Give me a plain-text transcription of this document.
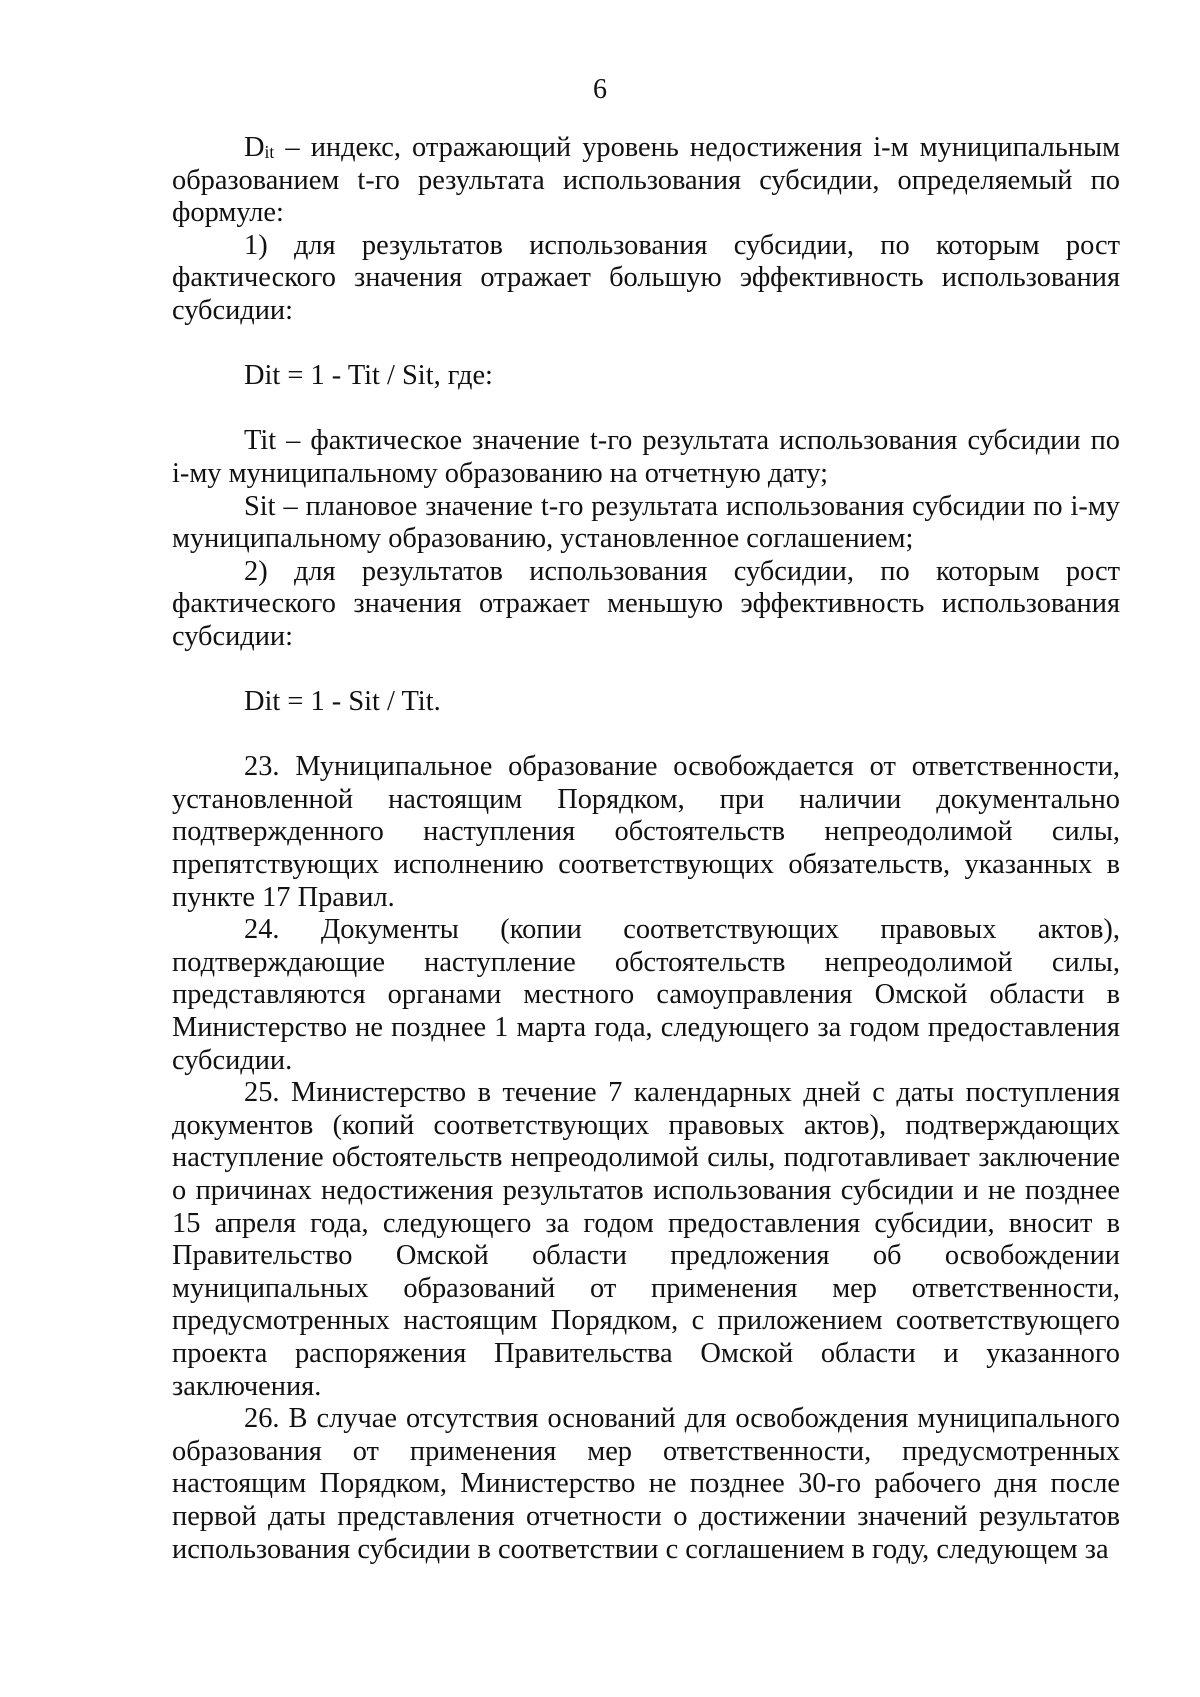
6

$D_{it}$ – индекс, отражающий уровень недостижения i-м муниципальным образованием t-го результата использования субсидии, определяемый по формуле:

1) для результатов использования субсидии, по которым рост фактического значения отражает большую эффективность использования субсидии:

Dit = 1 - Tit / Sit, где:

Tit – фактическое значение t-го результата использования субсидии по i-му муниципальному образованию на отчетную дату;

Sit – плановое значение t-го результата использования субсидии по i-му муниципальному образованию, установленное соглашением;

2) для результатов использования субсидии, по которым рост фактического значения отражает меньшую эффективность использования субсидии:

Dit = 1 - Sit / Tit.

23. Муниципальное образование освобождается от ответственности, установленной настоящим Порядком, при наличии документально подтвержденного наступления обстоятельств непреодолимой силы, препятствующих исполнению соответствующих обязательств, указанных в пункте 17 Правил.

24. Документы (копии соответствующих правовых актов), подтверждающие наступление обстоятельств непреодолимой силы, представляются органами местного самоуправления Омской области в Министерство не позднее 1 марта года, следующего за годом предоставления субсидии.

25. Министерство в течение 7 календарных дней с даты поступления документов (копий соответствующих правовых актов), подтверждающих наступление обстоятельств непреодолимой силы, подготавливает заключение о причинах недостижения результатов использования субсидии и не позднее 15 апреля года, следующего за годом предоставления субсидии, вносит в Правительство Омской области предложения об освобождении муниципальных образований от применения мер ответственности, предусмотренных настоящим Порядком, с приложением соответствующего проекта распоряжения Правительства Омской области и указанного заключения.

26. В случае отсутствия оснований для освобождения муниципального образования от применения мер ответственности, предусмотренных настоящим Порядком, Министерство не позднее 30-го рабочего дня после первой даты представления отчетности о достижении значений результатов использования субсидии в соответствии с соглашением в году, следующем за
